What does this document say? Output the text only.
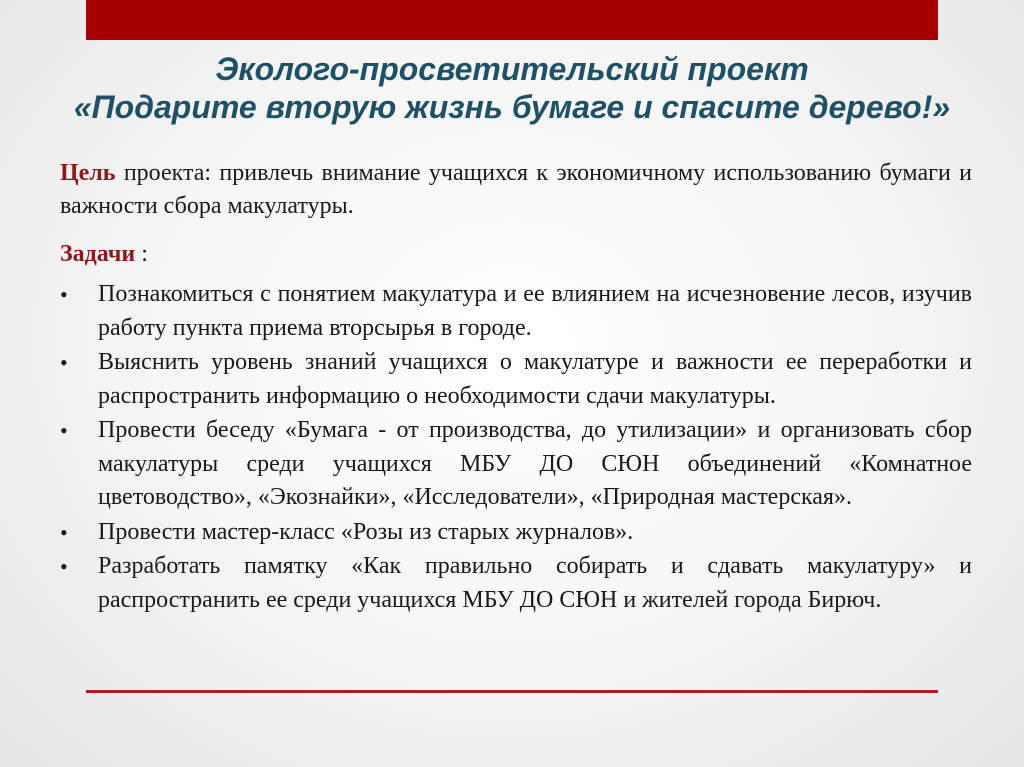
Эколого-просветительский проект
«Подарите вторую жизнь бумаге и спасите дерево!»
Цель проекта: привлечь внимание учащихся к экономичному использованию бумаги и важности сбора макулатуры.
Задачи :
• Познакомиться с понятием макулатура и ее влиянием на исчезновение лесов, изучив работу пункта приема вторсырья в городе.
• Выяснить уровень знаний учащихся о макулатуре и важности ее переработки и распространить информацию о необходимости сдачи макулатуры.
• Провести беседу «Бумага - от производства, до утилизации» и организовать сбор макулатуры среди учащихся МБУ ДО СЮН объединений «Комнатное цветоводство», «Экознайки», «Исследователи», «Природная мастерская».
• Провести мастер-класс «Розы из старых журналов».
• Разработать памятку «Как правильно собирать и сдавать макулатуру» и распространить ее среди учащихся МБУ ДО СЮН и жителей города Бирюч.
